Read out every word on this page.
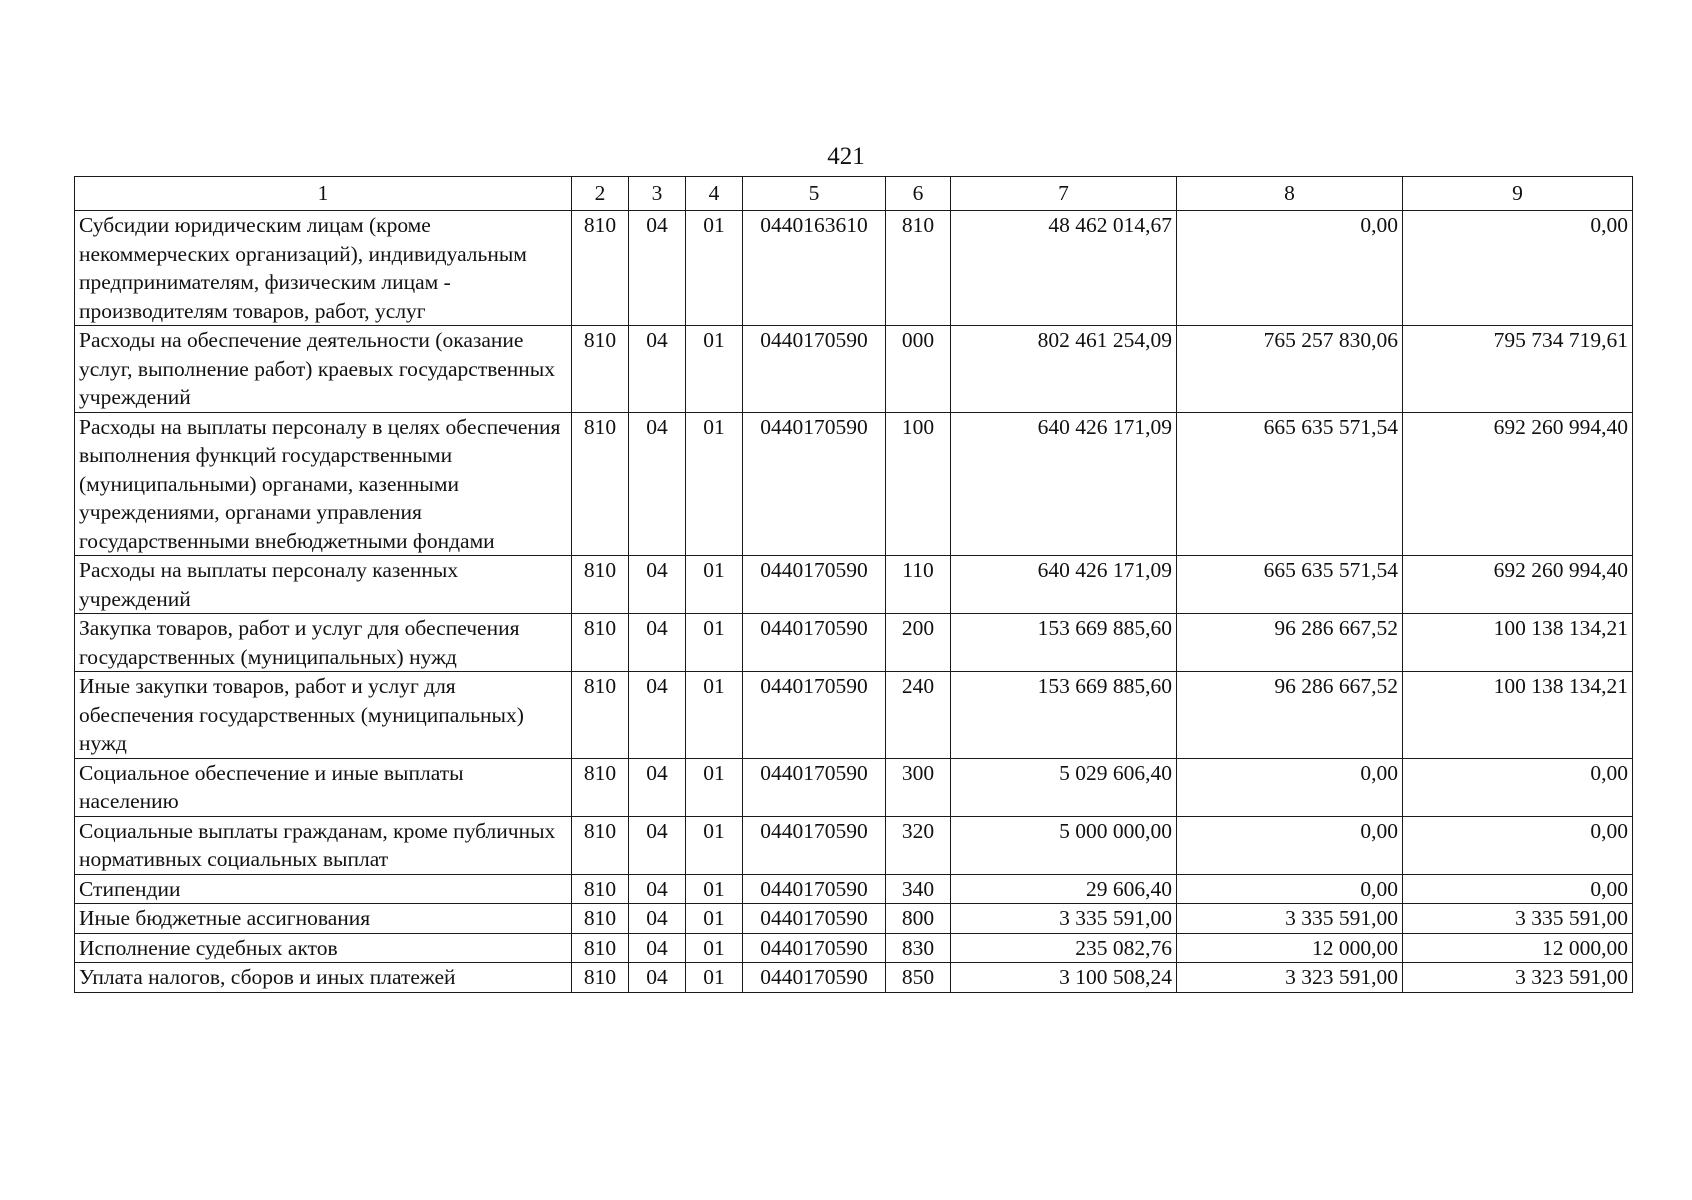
421
1	2	3	4	5	6	7	8	9
Субсидии юридическим лицам (кроме некоммерческих организаций), индивидуальным предпринимателям, физическим лицам - производителям товаров, работ, услуг	810	04	01	0440163610	810	48 462 014,67	0,00	0,00
Расходы на обеспечение деятельности (оказание услуг, выполнение работ) краевых государственных учреждений	810	04	01	0440170590	000	802 461 254,09	765 257 830,06	795 734 719,61
Расходы на выплаты персоналу в целях обеспечения выполнения функций государственными (муниципальными) органами, казенными учреждениями, органами управления государственными внебюджетными фондами	810	04	01	0440170590	100	640 426 171,09	665 635 571,54	692 260 994,40
Расходы на выплаты персоналу казенных учреждений	810	04	01	0440170590	110	640 426 171,09	665 635 571,54	692 260 994,40
Закупка товаров, работ и услуг для обеспечения государственных (муниципальных) нужд	810	04	01	0440170590	200	153 669 885,60	96 286 667,52	100 138 134,21
Иные закупки товаров, работ и услуг для обеспечения государственных (муниципальных) нужд	810	04	01	0440170590	240	153 669 885,60	96 286 667,52	100 138 134,21
Социальное обеспечение и иные выплаты населению	810	04	01	0440170590	300	5 029 606,40	0,00	0,00
Социальные выплаты гражданам, кроме публичных нормативных социальных выплат	810	04	01	0440170590	320	5 000 000,00	0,00	0,00
Стипендии	810	04	01	0440170590	340	29 606,40	0,00	0,00
Иные бюджетные ассигнования	810	04	01	0440170590	800	3 335 591,00	3 335 591,00	3 335 591,00
Исполнение судебных актов	810	04	01	0440170590	830	235 082,76	12 000,00	12 000,00
Уплата налогов, сборов и иных платежей	810	04	01	0440170590	850	3 100 508,24	3 323 591,00	3 323 591,00
